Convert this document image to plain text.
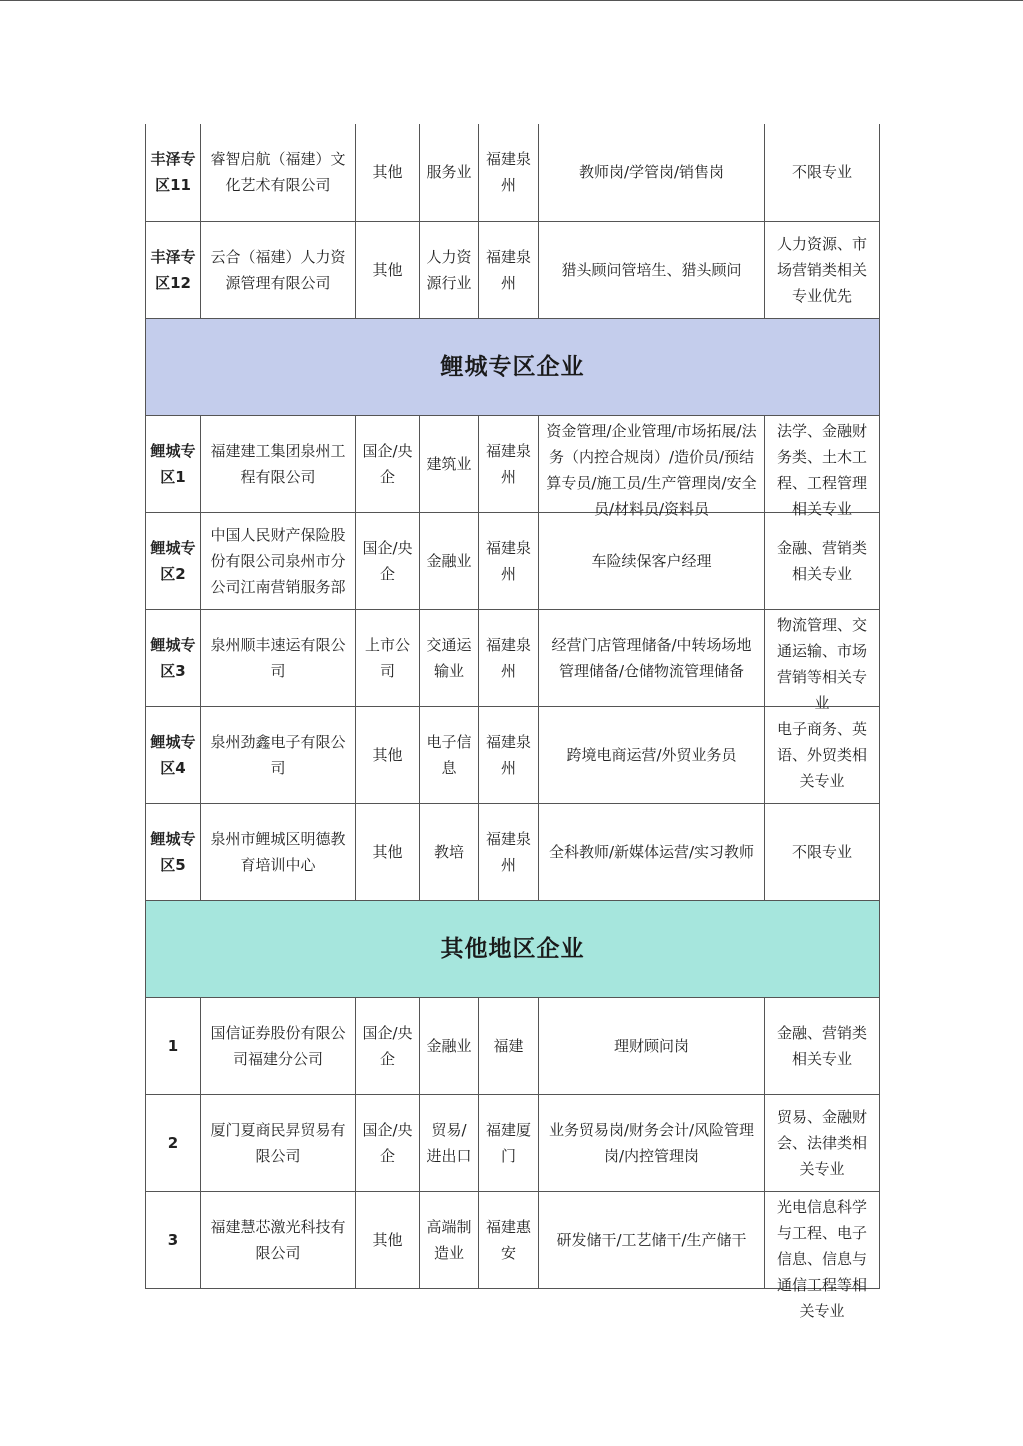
丰泽专区11	睿智启航（福建）文化艺术有限公司	其他	服务业	福建泉州	教师岗/学管岗/销售岗	不限专业

丰泽专区12	云合（福建）人力资源管理有限公司	其他	人力资源行业	福建泉州	猎头顾问管培生、猎头顾问	人力资源、市场营销类相关专业优先

鲤城专区企业						

鲤城专区1	福建建工集团泉州工程有限公司	国企/央企	建筑业	福建泉州	资金管理/企业管理/市场拓展/法务（内控合规岗）/造价员/预结算专员/施工员/生产管理岗/安全员/材料员/资料员	法学、金融财务类、土木工程、工程管理相关专业

鲤城专区2	中国人民财产保险股份有限公司泉州市分公司江南营销服务部	国企/央企	金融业	福建泉州	车险续保客户经理	金融、营销类相关专业

鲤城专区3	泉州顺丰速运有限公司	上市公司	交通运输业	福建泉州	经营门店管理储备/中转场场地管理储备/仓储物流管理储备	物流管理、交通运输、市场营销等相关专业

鲤城专区4	泉州劲鑫电子有限公司	其他	电子信息	福建泉州	跨境电商运营/外贸业务员	电子商务、英语、外贸类相关专业

鲤城专区5	泉州市鲤城区明德教育培训中心	其他	教培	福建泉州	全科教师/新媒体运营/实习教师	不限专业

其他地区企业						

1	国信证券股份有限公司福建分公司	国企/央企	金融业	福建	理财顾问岗	金融、营销类相关专业

2	厦门夏商民昇贸易有限公司	国企/央企	贸易/进出口	福建厦门	业务贸易岗/财务会计/风险管理岗/内控管理岗	贸易、金融财会、法律类相关专业

3	福建慧芯激光科技有限公司	其他	高端制造业	福建惠安	研发储干/工艺储干/生产储干	光电信息科学与工程、电子信息、信息与通信工程等相关专业
